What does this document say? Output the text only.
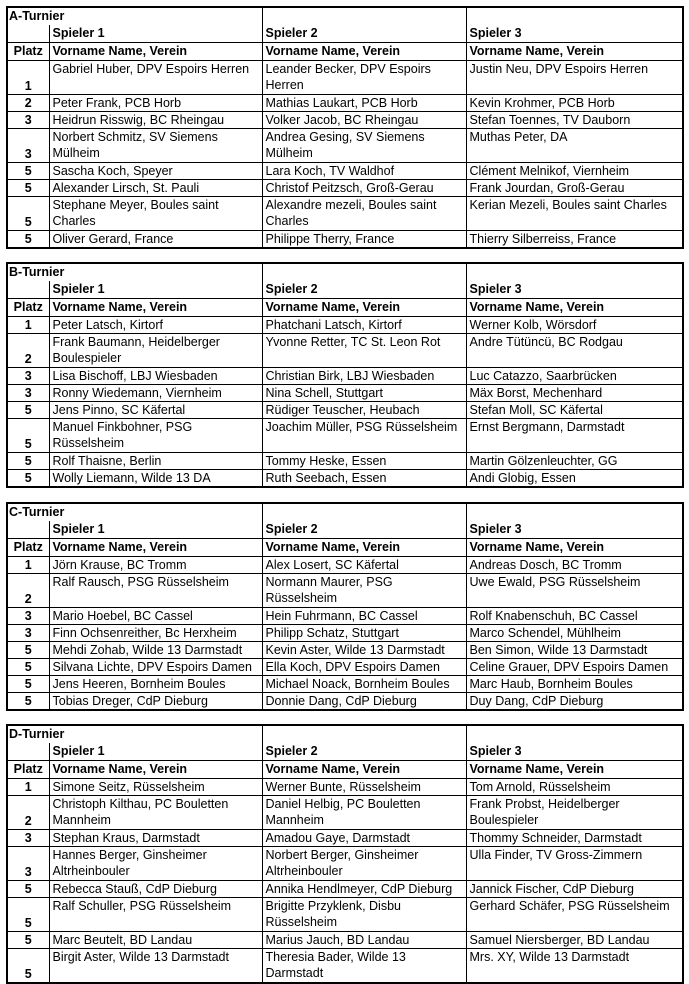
A-Turnier			
	Spieler 1	Spieler 2	Spieler 3
Platz	Vorname Name, Verein	Vorname Name, Verein	Vorname Name, Verein
1	Gabriel Huber, DPV Espoirs Herren	Leander Becker, DPV Espoirs Herren	Justin Neu, DPV Espoirs Herren
2	Peter Frank, PCB Horb	Mathias Laukart, PCB Horb	Kevin Krohmer, PCB Horb
3	Heidrun Risswig, BC Rheingau	Volker Jacob, BC Rheingau	Stefan Toennes, TV Dauborn
3	Norbert Schmitz, SV Siemens Mülheim	Andrea Gesing, SV Siemens Mülheim	Muthas Peter, DA
5	Sascha Koch, Speyer	Lara Koch, TV Waldhof	Clément Melnikof, Viernheim
5	Alexander Lirsch, St. Pauli	Christof Peitzsch, Groß-Gerau	Frank Jourdan, Groß-Gerau
5	Stephane Meyer, Boules saint Charles	Alexandre mezeli, Boules saint Charles	Kerian Mezeli, Boules saint Charles
5	Oliver Gerard, France	Philippe Therry, France	Thierry Silberreiss, France
B-Turnier			
	Spieler 1	Spieler 2	Spieler 3
Platz	Vorname Name, Verein	Vorname Name, Verein	Vorname Name, Verein
1	Peter Latsch, Kirtorf	Phatchani Latsch, Kirtorf	Werner Kolb, Wörsdorf
2	Frank Baumann, Heidelberger Boulespieler	Yvonne Retter, TC St. Leon Rot	Andre Tütüncü, BC Rodgau
3	Lisa Bischoff, LBJ Wiesbaden	Christian Birk, LBJ Wiesbaden	Luc Catazzo, Saarbrücken
3	Ronny Wiedemann, Viernheim	Nina Schell, Stuttgart	Mäx Borst, Mechenhard
5	Jens Pinno, SC Käfertal	Rüdiger Teuscher, Heubach	Stefan Moll, SC Käfertal
5	Manuel Finkbohner, PSG Rüsselsheim	Joachim Müller, PSG Rüsselsheim	Ernst Bergmann, Darmstadt
5	Rolf Thaisne, Berlin	Tommy Heske, Essen	Martin Gölzenleuchter, GG
5	Wolly Liemann, Wilde 13 DA	Ruth Seebach, Essen	Andi Globig, Essen
C-Turnier			
	Spieler 1	Spieler 2	Spieler 3
Platz	Vorname Name, Verein	Vorname Name, Verein	Vorname Name, Verein
1	Jörn Krause, BC Tromm	Alex Losert, SC Käfertal	Andreas Dosch, BC Tromm
2	Ralf Rausch, PSG Rüsselsheim	Normann Maurer, PSG Rüsselsheim	Uwe Ewald, PSG Rüsselsheim
3	Mario Hoebel, BC Cassel	Hein Fuhrmann, BC Cassel	Rolf Knabenschuh, BC Cassel
3	Finn Ochsenreither, Bc Herxheim	Philipp Schatz, Stuttgart	Marco Schendel, Mühlheim
5	Mehdi Zohab, Wilde 13 Darmstadt	Kevin Aster, Wilde 13 Darmstadt	Ben Simon, Wilde 13 Darmstadt
5	Silvana Lichte, DPV Espoirs Damen	Ella Koch, DPV Espoirs Damen	Celine Grauer, DPV Espoirs Damen
5	Jens Heeren, Bornheim Boules	Michael Noack, Bornheim Boules	Marc Haub, Bornheim Boules
5	Tobias Dreger, CdP Dieburg	Donnie Dang, CdP Dieburg	Duy Dang, CdP Dieburg
D-Turnier			
	Spieler 1	Spieler 2	Spieler 3
Platz	Vorname Name, Verein	Vorname Name, Verein	Vorname Name, Verein
1	Simone Seitz, Rüsselsheim	Werner Bunte, Rüsselsheim	Tom Arnold, Rüsselsheim
2	Christoph Kilthau, PC Bouletten Mannheim	Daniel Helbig, PC Bouletten Mannheim	Frank Probst, Heidelberger Boulespieler
3	Stephan Kraus, Darmstadt	Amadou Gaye, Darmstadt	Thommy Schneider, Darmstadt
3	Hannes Berger, Ginsheimer Altrheinbouler	Norbert Berger, Ginsheimer Altrheinbouler	Ulla Finder, TV Gross-Zimmern
5	Rebecca Stauß, CdP Dieburg	Annika Hendlmeyer, CdP Dieburg	Jannick Fischer, CdP Dieburg
5	Ralf Schuller, PSG Rüsselsheim	Brigitte Przyklenk, Disbu Rüsselsheim	Gerhard Schäfer, PSG Rüsselsheim
5	Marc Beutelt, BD Landau	Marius Jauch, BD Landau	Samuel Niersberger, BD Landau
5	Birgit Aster, Wilde 13 Darmstadt	Theresia Bader, Wilde 13 Darmstadt	Mrs. XY, Wilde 13 Darmstadt
